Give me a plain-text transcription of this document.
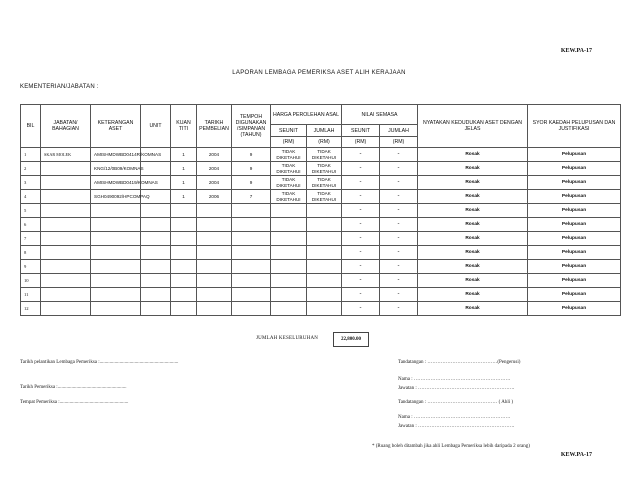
KEW.PA-17
LAPORAN LEMBAGA PEMERIKSA ASET ALIH KERAJAAN
KEMENTERIAN/JABATAN :
BIL	JABATAN/ BAHAGIAN	KETERANGAN ASET	UNIT	KUAN TITI	TARIKH PEMBELIAN	TEMPOH DIGUNAKAN /SIMPANAN (TAHUN)	HARGA PEROLEHAN ASAL		NILAI SEMASA		NYATAKAN KEDUDUKAN ASET DENGAN JELAS	SYOR KAEDAH PELUPUSAN DAN JUSTIFIKASI
							SEUNIT	JUMLAH	SEUNIT	JUMLAH		
							(RM)	(RM)	(RM)	(RM)		
1	SKAR MOLEK	AMISHMDWBD0414R/KOMNAS		1	2004	9	TIDAK DIKETAHUI	TIDAK DIKETAHUI	-	-	Rosak	Pelupusan
2		KNG/12/0B09/KOMNAS		1	2004	9	TIDAK DIKETAHUI	TIDAK DIKETAHUI	-	-	Rosak	Pelupusan
3		AMISHMDWBD0419/KOMNAS		1	2004	9	TIDAK DIKETAHUI	TIDAK DIKETAHUI	-	-	Rosak	Pelupusan
4		SGH0490092/HPCOMPAQ		1	2006	7	TIDAK DIKETAHUI	TIDAK DIKETAHUI	-	-	Rosak	Pelupusan
5									-	-	Rosak	Pelupusan
6									-	-	Rosak	Pelupusan
7									-	-	Rosak	Pelupusan
8									-	-	Rosak	Pelupusan
9									-	-	Rosak	Pelupusan
10									-	-	Rosak	Pelupusan
11									-	-	Rosak	Pelupusan
12									-	-	Rosak	Pelupusan
JUMLAH KESELURUHAN	22,800.00
Tarikh pelantikan Lembaga Pemeriksa :...............................................................
Tarikh Pemeriksa :.......................................................
Tempat Pemeriksa :.......................................................
Tandatangan : ……………………………………(Pengerusi)
Nama : ………………………………………………….
Jawatan : ………………………………………………….
Tandatangan : …………………………………… ( Ahli )
Nama : ………………………………………………….
Jawatan : ………………………………………………….
* (Ruang boleh ditambah jika ahli Lembaga Pemeriksa lebih daripada 2 orang)
KEW.PA-17
